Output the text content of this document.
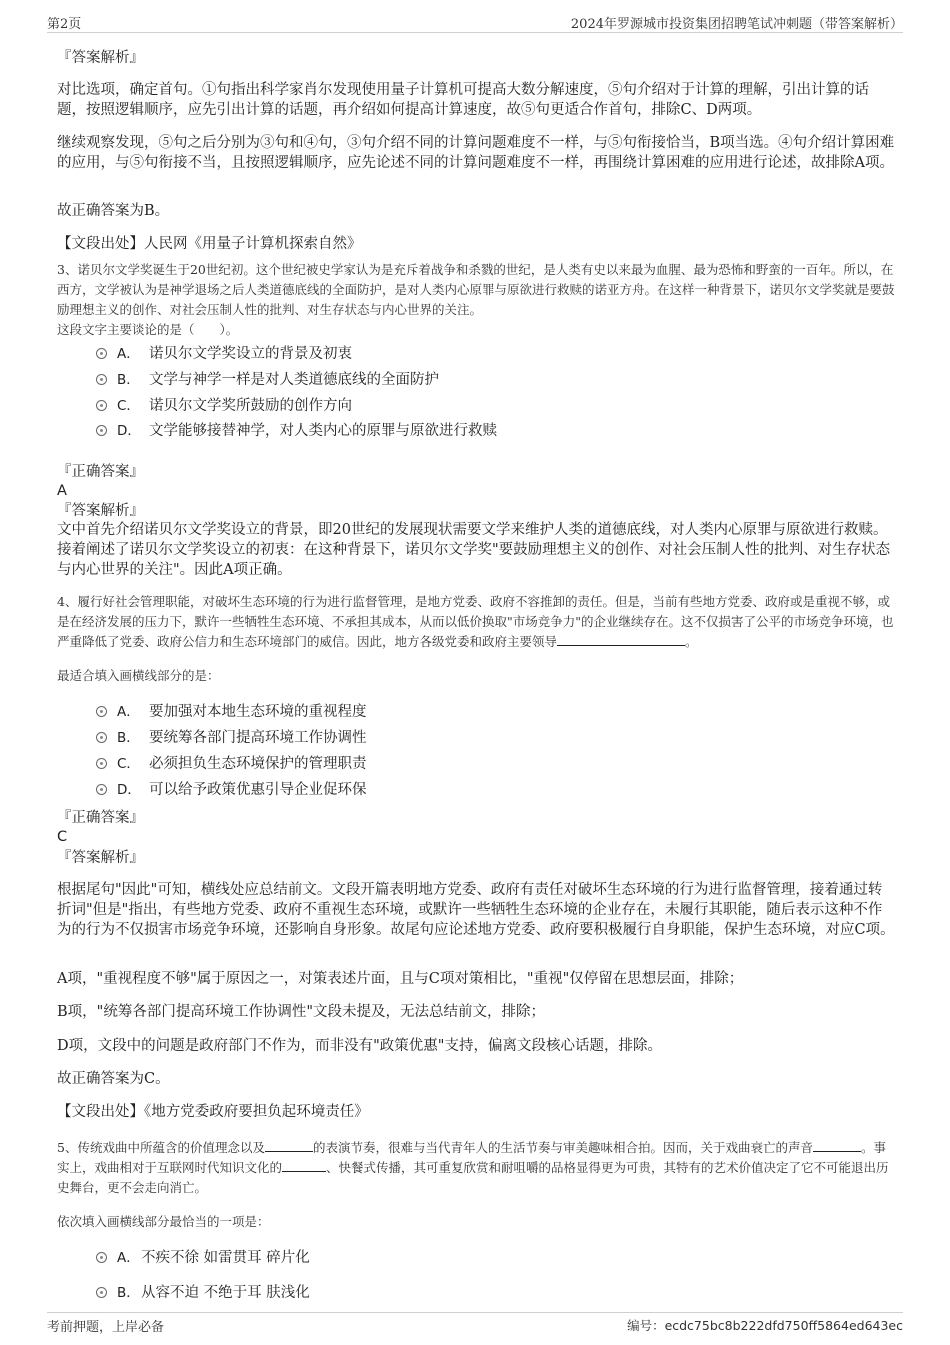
第2页	2024年罗源城市投资集团招聘笔试冲刺题（带答案解析）
『答案解析』
对比选项，确定首句。①句指出科学家肖尔发现使用量子计算机可提高大数分解速度，⑤句介绍对于计算的理解，引出计算的话题，按照逻辑顺序，应先引出计算的话题，再介绍如何提高计算速度，故⑤句更适合作首句，排除C、D两项。
继续观察发现，⑤句之后分别为③句和④句，③句介绍不同的计算问题难度不一样，与⑤句衔接恰当，B项当选。④句介绍计算困难的应用，与⑤句衔接不当，且按照逻辑顺序，应先论述不同的计算问题难度不一样，再围绕计算困难的应用进行论述，故排除A项。
故正确答案为B。
【文段出处】人民网《用量子计算机探索自然》
3、诺贝尔文学奖诞生于20世纪初。这个世纪被史学家认为是充斥着战争和杀戮的世纪，是人类有史以来最为血腥、最为恐怖和野蛮的一百年。所以，在西方，文学被认为是神学退场之后人类道德底线的全面防护，是对人类内心原罪与原欲进行救赎的诺亚方舟。在这样一种背景下，诺贝尔文学奖就是要鼓励理想主义的创作、对社会压制人性的批判、对生存状态与内心世界的关注。
这段文字主要谈论的是（　　）。
A． 诺贝尔文学奖设立的背景及初衷
B． 文学与神学一样是对人类道德底线的全面防护
C． 诺贝尔文学奖所鼓励的创作方向
D． 文学能够接替神学，对人类内心的原罪与原欲进行救赎
『正确答案』
A
『答案解析』
文中首先介绍诺贝尔文学奖设立的背景，即20世纪的发展现状需要文学来维护人类的道德底线，对人类内心原罪与原欲进行救赎。接着阐述了诺贝尔文学奖设立的初衷：在这种背景下，诺贝尔文学奖"要鼓励理想主义的创作、对社会压制人性的批判、对生存状态与内心世界的关注"。因此A项正确。
4、履行好社会管理职能，对破坏生态环境的行为进行监督管理，是地方党委、政府不容推卸的责任。但是，当前有些地方党委、政府或是重视不够，或是在经济发展的压力下，默许一些牺牲生态环境、不承担其成本，从而以低价换取"市场竞争力"的企业继续存在。这不仅损害了公平的市场竞争环境，也严重降低了党委、政府公信力和生态环境部门的威信。因此，地方各级党委和政府主要领导	。
最适合填入画横线部分的是：
A． 要加强对本地生态环境的重视程度
B． 要统筹各部门提高环境工作协调性
C． 必须担负生态环境保护的管理职责
D． 可以给予政策优惠引导企业促环保
『正确答案』
C
『答案解析』
根据尾句"因此"可知，横线处应总结前文。文段开篇表明地方党委、政府有责任对破坏生态环境的行为进行监督管理，接着通过转折词"但是"指出，有些地方党委、政府不重视生态环境，或默许一些牺牲生态环境的企业存在，未履行其职能，随后表示这种不作为的行为不仅损害市场竞争环境，还影响自身形象。故尾句应论述地方党委、政府要积极履行自身职能，保护生态环境，对应C项。
A项，"重视程度不够"属于原因之一，对策表述片面，且与C项对策相比，"重视"仅停留在思想层面，排除；
B项，"统筹各部门提高环境工作协调性"文段未提及，无法总结前文，排除；
D项，文段中的问题是政府部门不作为，而非没有"政策优惠"支持，偏离文段核心话题，排除。
故正确答案为C。
【文段出处】《地方党委政府要担负起环境责任》
5、传统戏曲中所蕴含的价值理念以及	的表演节奏，很难与当代青年人的生活节奏与审美趣味相合拍。因而，关于戏曲衰亡的声音	。事实上，戏曲相对于互联网时代知识文化的	、快餐式传播，其可重复欣赏和耐咀嚼的品格显得更为可贵，其特有的艺术价值决定了它不可能退出历史舞台，更不会走向消亡。
依次填入画横线部分最恰当的一项是：
A．不疾不徐 如雷贯耳 碎片化
B．从容不迫 不绝于耳 肤浅化
考前押题，上岸必备	编号：ecdc75bc8b222dfd750ff5864ed643ec
